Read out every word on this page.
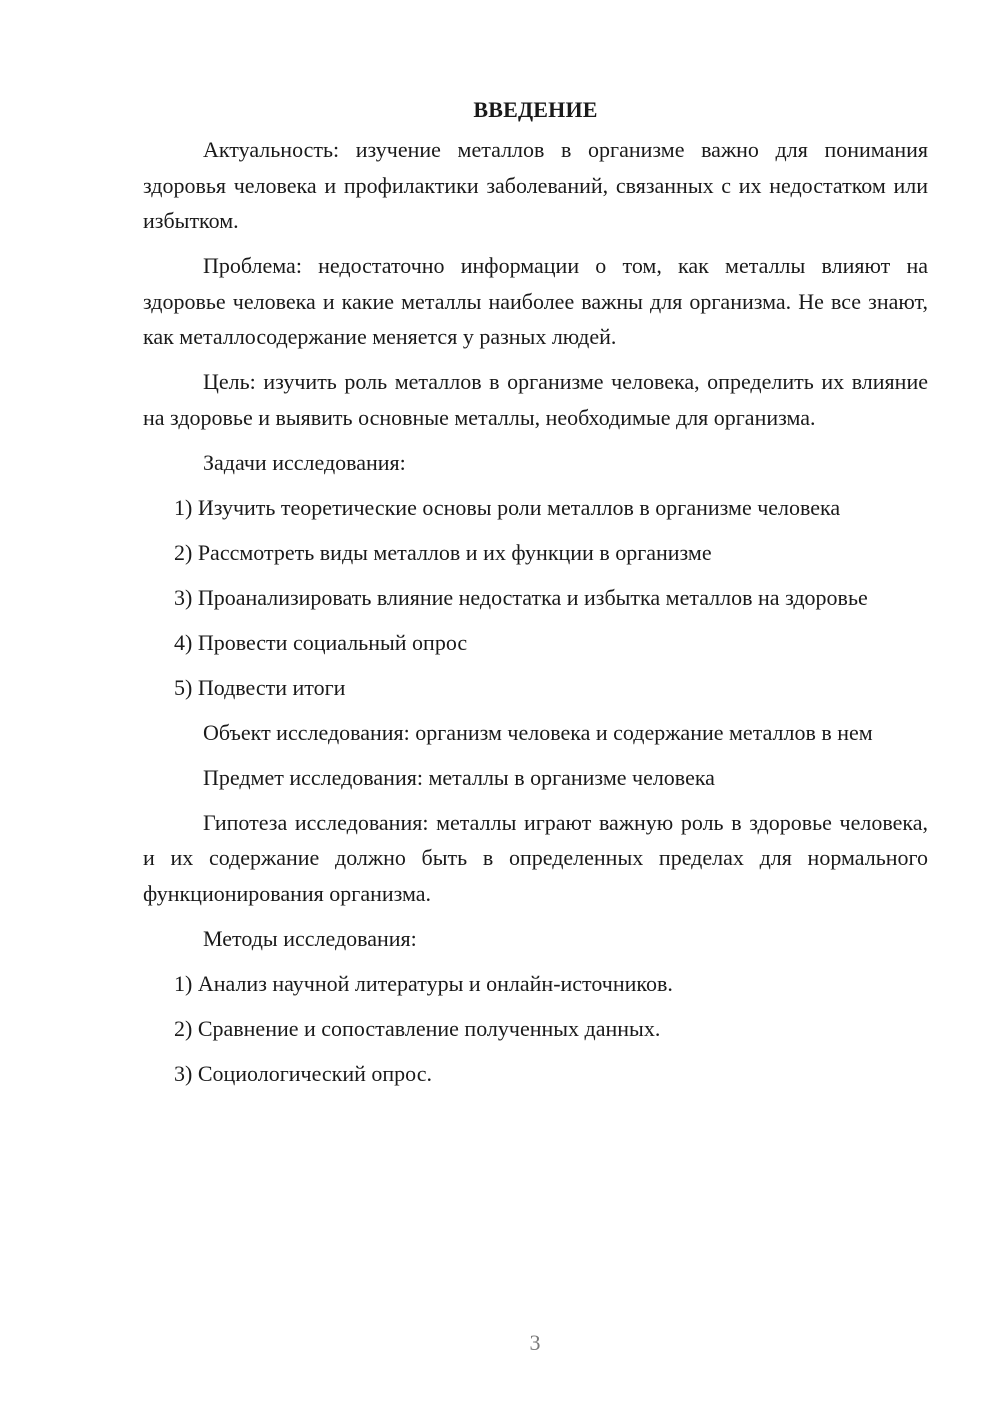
ВВЕДЕНИЕ

Актуальность: изучение металлов в организме важно для понимания здоровья человека и профилактики заболеваний, связанных с их недостатком или избытком.

Проблема: недостаточно информации о том, как металлы влияют на здоровье человека и какие металлы наиболее важны для организма. Не все знают, как металлосодержание меняется у разных людей.

Цель: изучить роль металлов в организме человека, определить их влияние на здоровье и выявить основные металлы, необходимые для организма.

Задачи исследования:

1) Изучить теоретические основы роли металлов в организме человека

2) Рассмотреть виды металлов и их функции в организме

3) Проанализировать влияние недостатка и избытка металлов на здоровье

4) Провести социальный опрос

5) Подвести итоги

Объект исследования: организм человека и содержание металлов в нем

Предмет исследования: металлы в организме человека

Гипотеза исследования: металлы играют важную роль в здоровье человека, и их содержание должно быть в определенных пределах для нормального функционирования организма.

Методы исследования:

1) Анализ научной литературы и онлайн-источников.

2) Сравнение и сопоставление полученных данных.

3) Социологический опрос.

3
